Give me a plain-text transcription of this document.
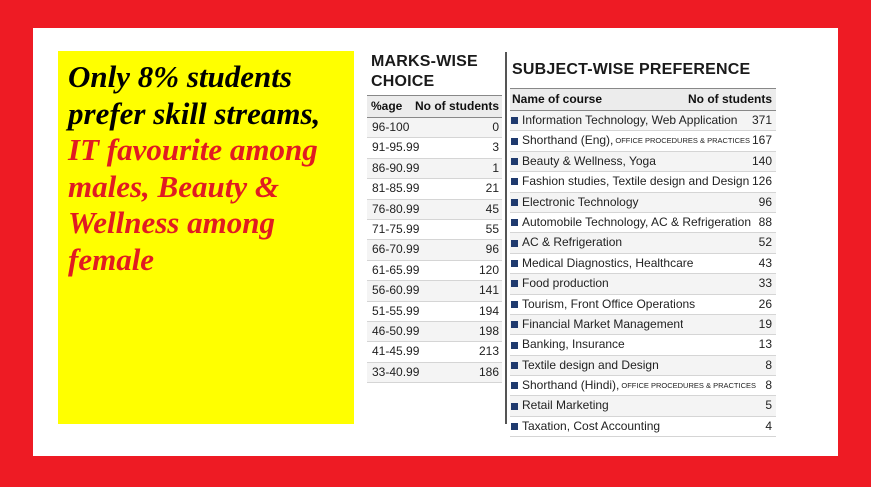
Only 8% students prefer skill streams, IT favourite among males, Beauty & Wellness among female
MARKS-WISE
CHOICE
%age No of students
96-100	0
91-95.99	3
86-90.99	1
81-85.99	21
76-80.99	45
71-75.99	55
66-70.99	96
61-65.99	120
56-60.99	141
51-55.99	194
46-50.99	198
41-45.99	213
33-40.99	186
SUBJECT-WISE PREFERENCE
Name of course	No of students
Information Technology, Web Application 371
Shorthand (Eng), OFFICE PROCEDURES & PRACTICES 167
Beauty & Wellness, Yoga	140
Fashion studies, Textile design and Design 126
Electronic Technology	96
Automobile Technology, AC & Refrigeration 88
AC & Refrigeration	52
Medical Diagnostics, Healthcare	43
Food production	33
Tourism, Front Office Operations	26
Financial Market Management	19
Banking, Insurance	13
Textile design and Design	8
Shorthand (Hindi), OFFICE PROCEDURES & PRACTICES 8
Retail Marketing	5
Taxation, Cost Accounting	4
